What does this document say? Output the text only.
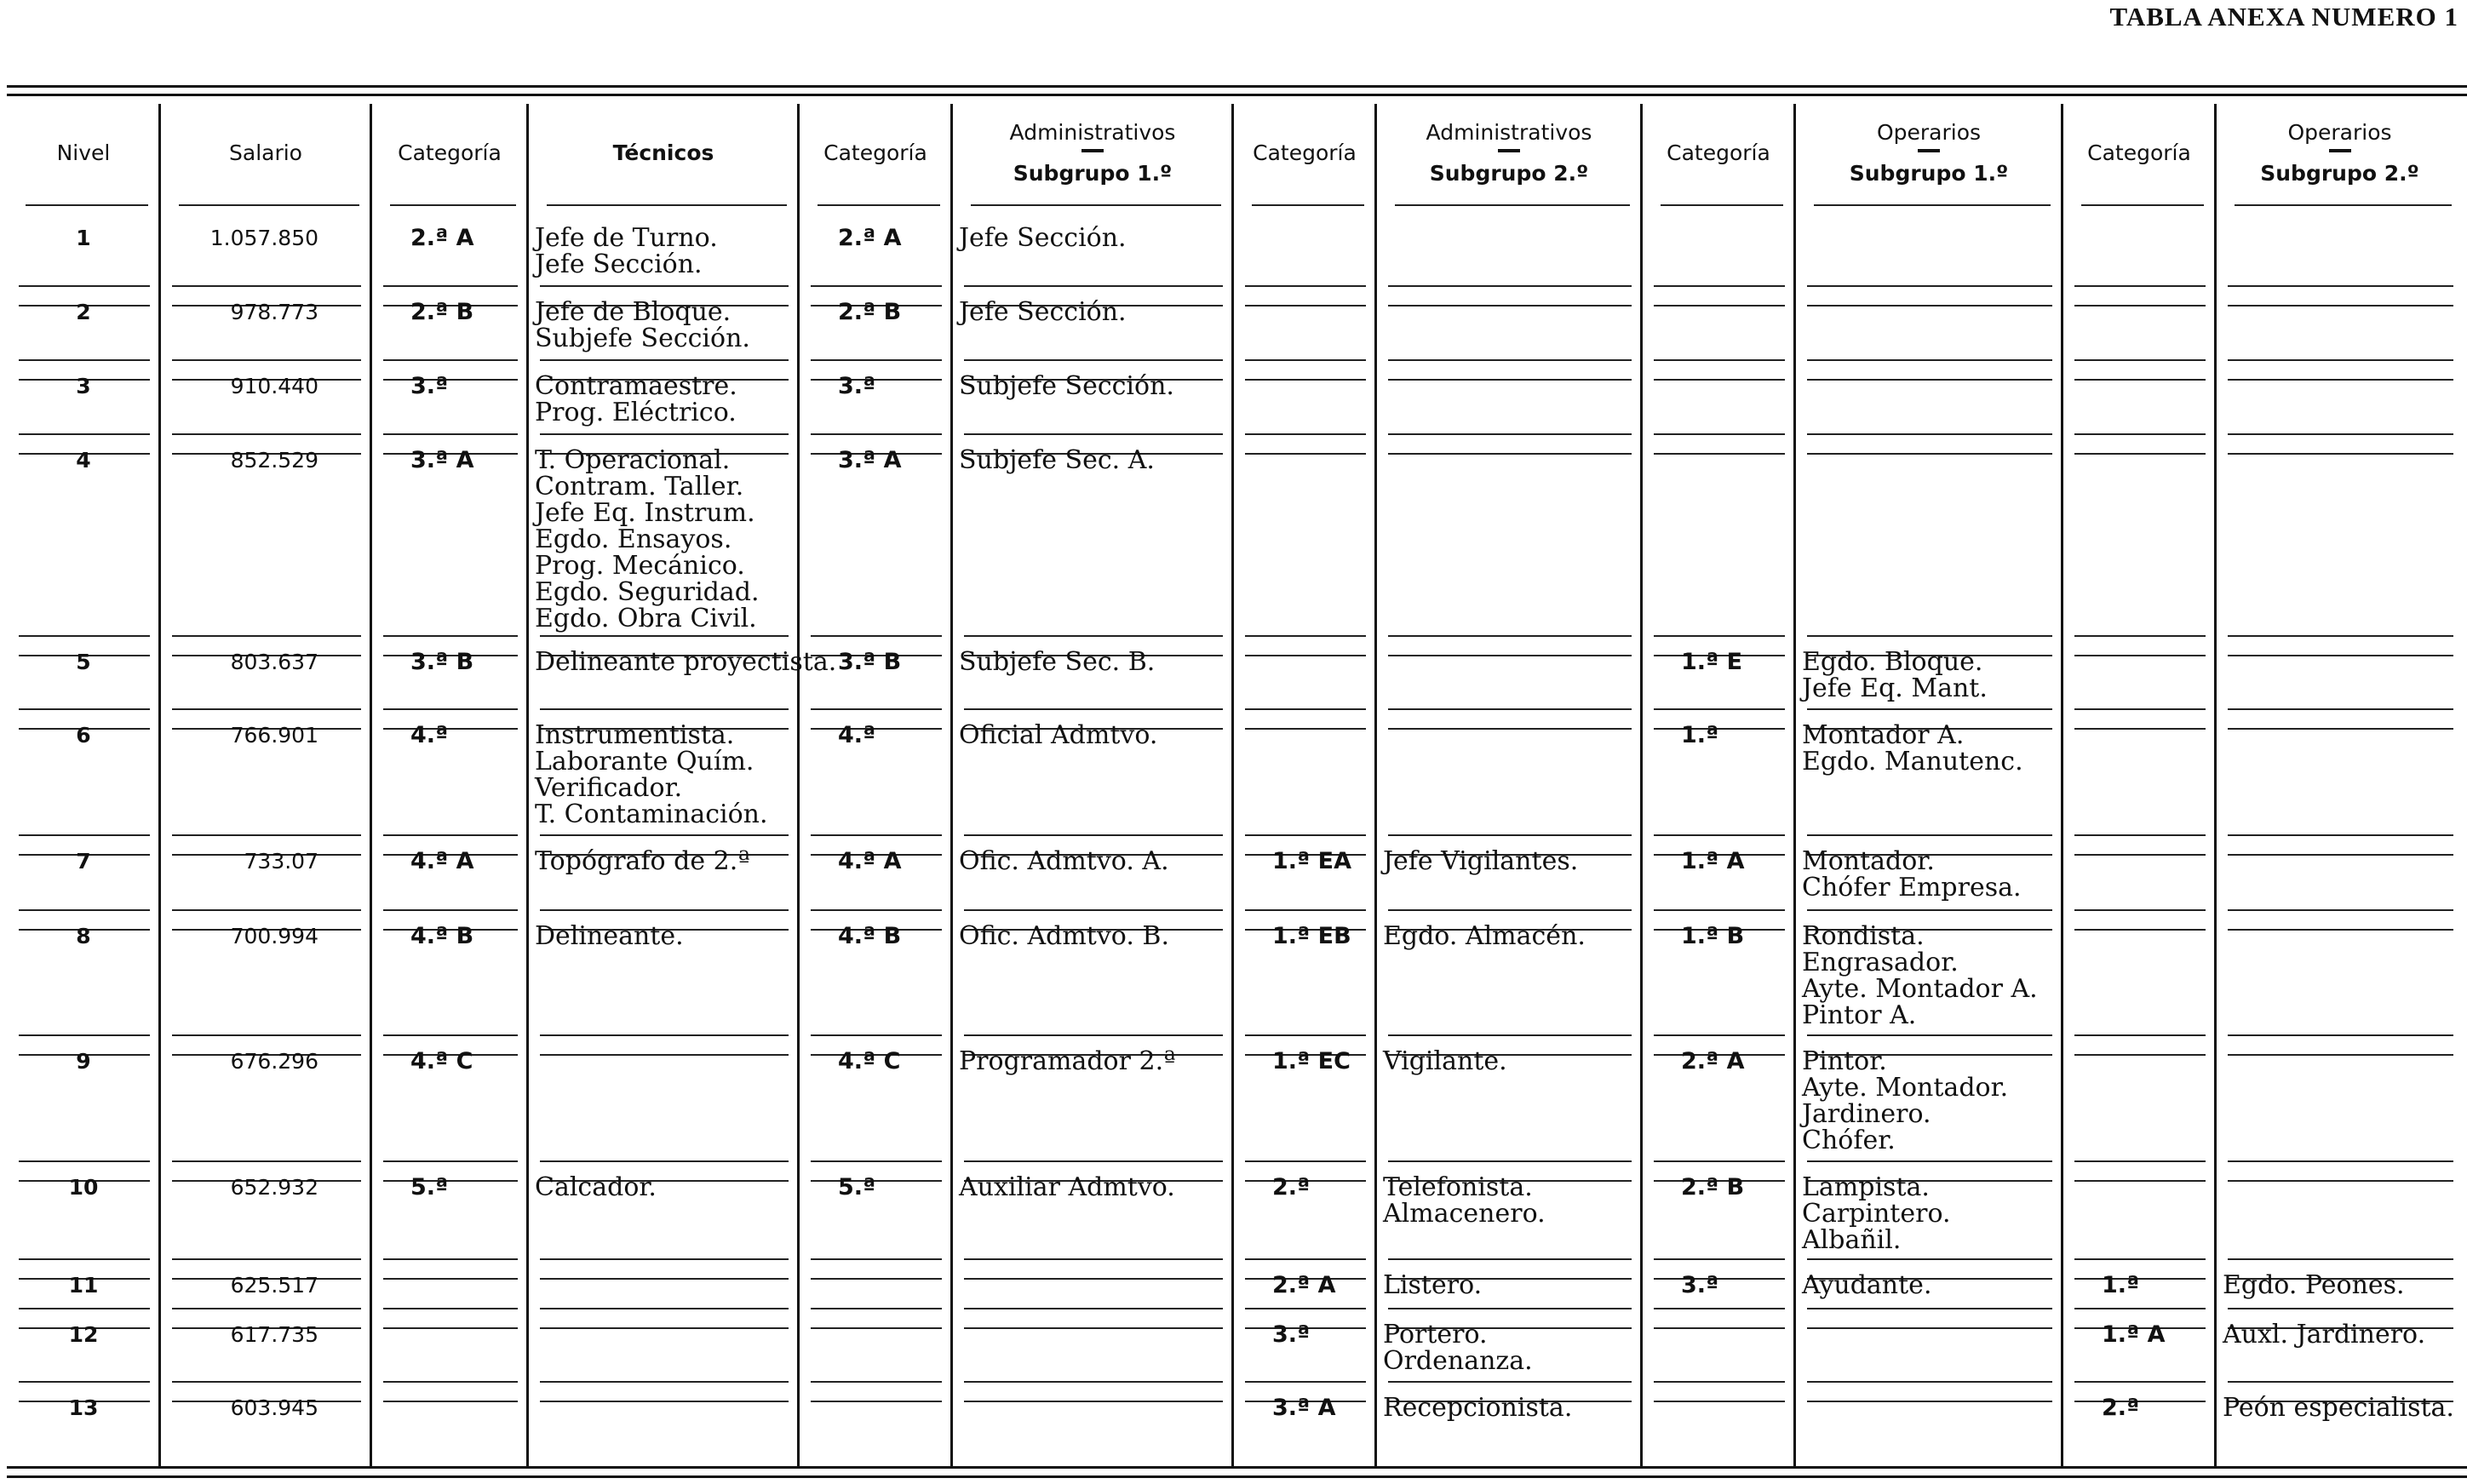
TABLA ANEXA NUMERO 1
Nivel
1
2
3
4
5
6
7
8
9
10
11
12
13
Salario
1.057.850
978.773
910.440
852.529
803.637
766.901
733.07
700.994
676.296
652.932
625.517
617.735
603.945
Categoría
2.ª A
2.ª B
3.ª
3.ª A
3.ª B
4.ª
4.ª A
4.ª B
4.ª C
5.ª
Técnicos
Jefe de Turno.
Jefe Sección.
Jefe de Bloque.
Subjefe Sección.
Contramaestre.
Prog. Eléctrico.
T. Operacional.
Contram. Taller.
Jefe Eq. Instrum.
Egdo. Ensayos.
Prog. Mecánico.
Egdo. Seguridad.
Egdo. Obra Civil.
Delineante proyectista.
Instrumentista.
Laborante Quím.
Verificador.
T. Contaminación.
Topógrafo de 2.ª
Delineante.
Calcador.
Categoría
2.ª A
2.ª B
3.ª
3.ª A
3.ª B
4.ª
4.ª A
4.ª B
4.ª C
5.ª
Administrativos
Subgrupo 1.º
Jefe Sección.
Jefe Sección.
Subjefe Sección.
Subjefe Sec. A.
Subjefe Sec. B.
Oficial Admtvo.
Ofic. Admtvo. A.
Ofic. Admtvo. B.
Programador 2.ª
Auxiliar Admtvo.
Categoría
1.ª EA
1.ª EB
1.ª EC
2.ª
2.ª A
3.ª
3.ª A
Administrativos
Subgrupo 2.º
Jefe Vigilantes.
Egdo. Almacén.
Vigilante.
Telefonista.
Almacenero.
Listero.
Portero.
Ordenanza.
Recepcionista.
Categoría
1.ª E
1.ª
1.ª A
1.ª B
2.ª A
2.ª B
3.ª
Operarios
Subgrupo 1.º
Egdo. Bloque.
Jefe Eq. Mant.
Montador A.
Egdo. Manutenc.
Montador.
Chófer Empresa.
Rondista.
Engrasador.
Ayte. Montador A.
Pintor A.
Pintor.
Ayte. Montador.
Jardinero.
Chófer.
Lampista.
Carpintero.
Albañil.
Ayudante.
Categoría
1.ª
1.ª A
2.ª
Operarios
Subgrupo 2.º
Egdo. Peones.
Auxl. Jardinero.
Peón especialista.
